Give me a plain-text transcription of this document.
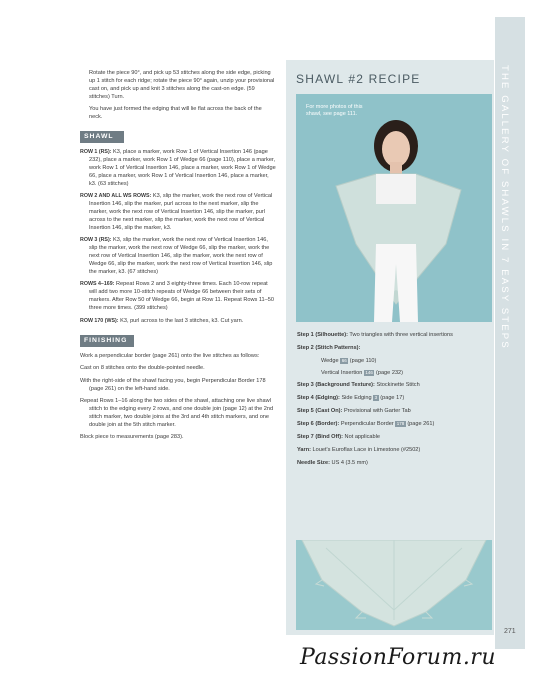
Rotate the piece 90°, and pick up 53 stitches along the side edge, picking up 1 stitch for each ridge; rotate the piece 90° again, unzip your provisional cast on, and pick up and knit 3 stitches along the cast-on edge. (59 stitches) Turn.

You have just formed the edging that will lie flat across the back of the neck.

SHAWL

ROW 1 (RS): K3, place a marker, work Row 1 of Vertical Insertion 146 (page 232), place a marker, work Row 1 of Wedge 66 (page 110), place a marker, work Row 1 of Vertical Insertion 146, place a marker, work Row 1 of Wedge 66, place a marker, work Row 1 of Vertical Insertion 146, place a marker, k3. (63 stitches)

ROW 2 AND ALL WS ROWS: K3, slip the marker, work the next row of Vertical Insertion 146, slip the marker, purl across to the next marker, slip the marker, work the next row of Vertical Insertion 146, slip the marker, purl across to the next marker, slip the marker, work the next row of Vertical Insertion 146, slip the marker, k3.

ROW 3 (RS): K3, slip the marker, work the next row of Vertical Insertion 146, slip the marker, work the next row of Wedge 66, slip the marker, work the next row of Vertical Insertion 146, slip the marker, work the next row of Wedge 66, slip the marker, work the next row of Vertical Insertion 146, slip the marker, k3. (67 stitches)

ROWS 4–169: Repeat Rows 2 and 3 eighty-three times. Each 10-row repeat will add two more 10-stitch repeats of Wedge 66 between their sets of markers. After Row 50 of Wedge 66, begin at Row 11. Repeat Rows 11–50 three more times. (399 stitches)

ROW 170 (WS): K3, purl across to the last 3 stitches, k3. Cut yarn.

FINISHING

Work a perpendicular border (page 261) onto the live stitches as follows:

Cast on 8 stitches onto the double-pointed needle.

With the right-side of the shawl facing you, begin Perpendicular Border 178 (page 261) on the left-hand side.

Repeat Rows 1–16 along the two sides of the shawl, attaching one live shawl stitch to the edging every 2 rows, and one double join (page 12) at the 2nd stitch marker, two double joins at the 3rd and 4th stitch markers, and one double join at the 5th stitch marker.

Block piece to measurements (page 283).

SHAWL #2 RECIPE
For more photos of this shawl, see page 111.

Step 1 (Silhouette): Two triangles with three vertical insertions

Step 2 (Stitch Patterns):

Wedge 66 (page 110)

Vertical Insertion 146 (page 232)

Step 3 (Background Texture): Stockinette Stitch

Step 4 (Edging): Side Edging 3 (page 17)

Step 5 (Cast On): Provisional with Garter Tab

Step 6 (Border): Perpendicular Border 178 (page 261)

Step 7 (Bind Off): Not applicable

Yarn: Louet's Euroflax Lace in Limestone (#2502)

Needle Size: US 4 (3.5 mm)

THE GALLERY OF SHAWLS IN 7 EASY STEPS
271
PassionForum.ru
